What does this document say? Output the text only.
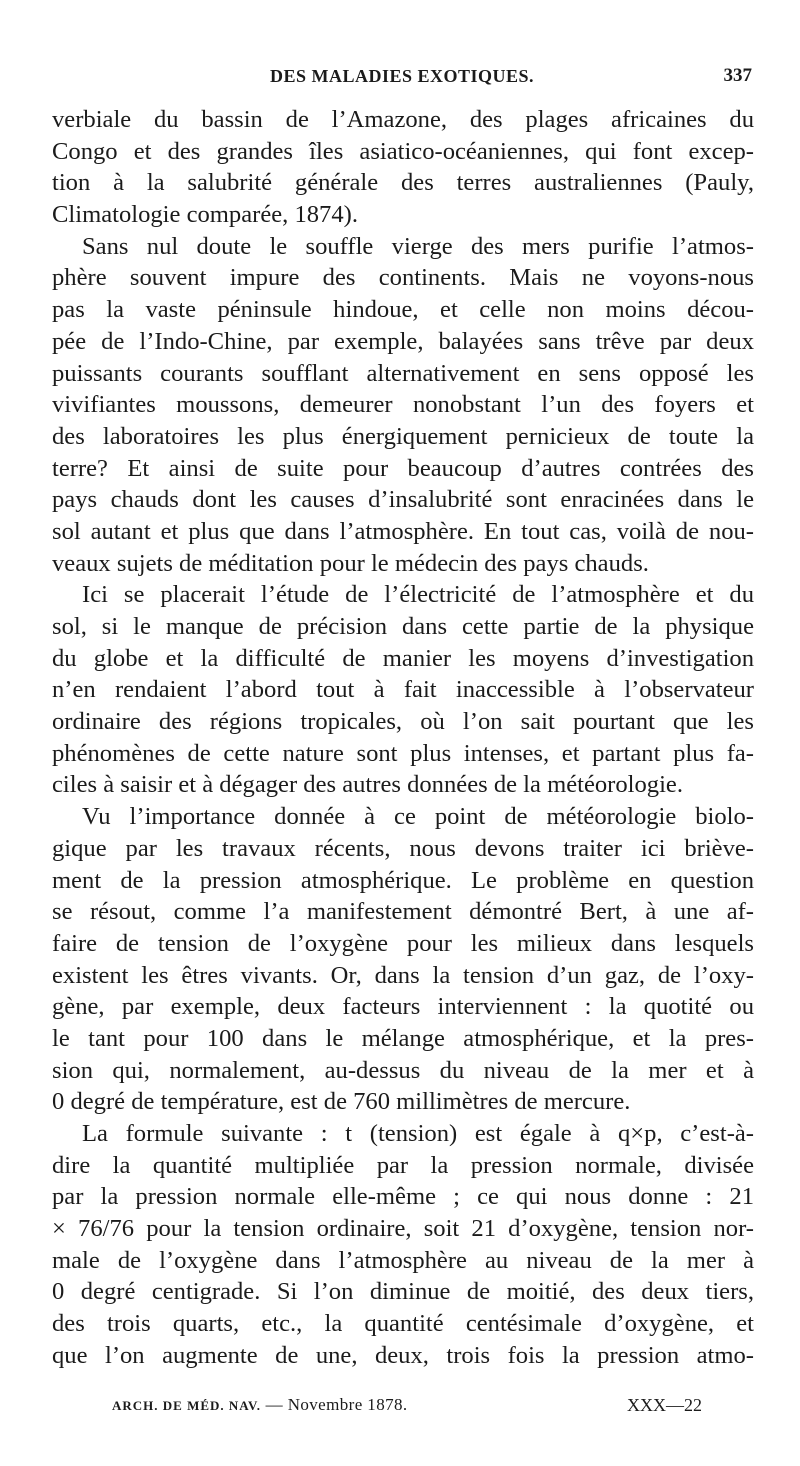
DES MALADIES EXOTIQUES.	337
verbiale du bassin de l’Amazone, des plages africaines du
Congo et des grandes îles asiatico-océaniennes, qui font excep-
tion à la salubrité générale des terres australiennes (Pauly,
Climatologie comparée, 1874).
Sans nul doute le souffle vierge des mers purifie l’atmos-
phère souvent impure des continents. Mais ne voyons-nous
pas la vaste péninsule hindoue, et celle non moins décou-
pée de l’Indo-Chine, par exemple, balayées sans trêve par deux
puissants courants soufflant alternativement en sens opposé les
vivifiantes moussons, demeurer nonobstant l’un des foyers et
des laboratoires les plus énergiquement pernicieux de toute la
terre? Et ainsi de suite pour beaucoup d’autres contrées des
pays chauds dont les causes d’insalubrité sont enracinées dans le
sol autant et plus que dans l’atmosphère. En tout cas, voilà de nou-
veaux sujets de méditation pour le médecin des pays chauds.
Ici se placerait l’étude de l’électricité de l’atmosphère et du
sol, si le manque de précision dans cette partie de la physique
du globe et la difficulté de manier les moyens d’investigation
n’en rendaient l’abord tout à fait inaccessible à l’observateur
ordinaire des régions tropicales, où l’on sait pourtant que les
phénomènes de cette nature sont plus intenses, et partant plus fa-
ciles à saisir et à dégager des autres données de la météorologie.
Vu l’importance donnée à ce point de météorologie biolo-
gique par les travaux récents, nous devons traiter ici briève-
ment de la pression atmosphérique. Le problème en question
se résout, comme l’a manifestement démontré Bert, à une af-
faire de tension de l’oxygène pour les milieux dans lesquels
existent les êtres vivants. Or, dans la tension d’un gaz, de l’oxy-
gène, par exemple, deux facteurs interviennent : la quotité ou
le tant pour 100 dans le mélange atmosphérique, et la pres-
sion qui, normalement, au-dessus du niveau de la mer et à
0 degré de température, est de 760 millimètres de mercure.
La formule suivante : t (tension) est égale à q×p, c’est-à-
dire la quantité multipliée par la pression normale, divisée
par la pression normale elle-même ; ce qui nous donne : 21
× 76/76 pour la tension ordinaire, soit 21 d’oxygène, tension nor-
male de l’oxygène dans l’atmosphère au niveau de la mer à
0 degré centigrade. Si l’on diminue de moitié, des deux tiers,
des trois quarts, etc., la quantité centésimale d’oxygène, et
que l’on augmente de une, deux, trois fois la pression atmo-
ARCH. DE MÉD. NAV. — Novembre 1878.	XXX—22
